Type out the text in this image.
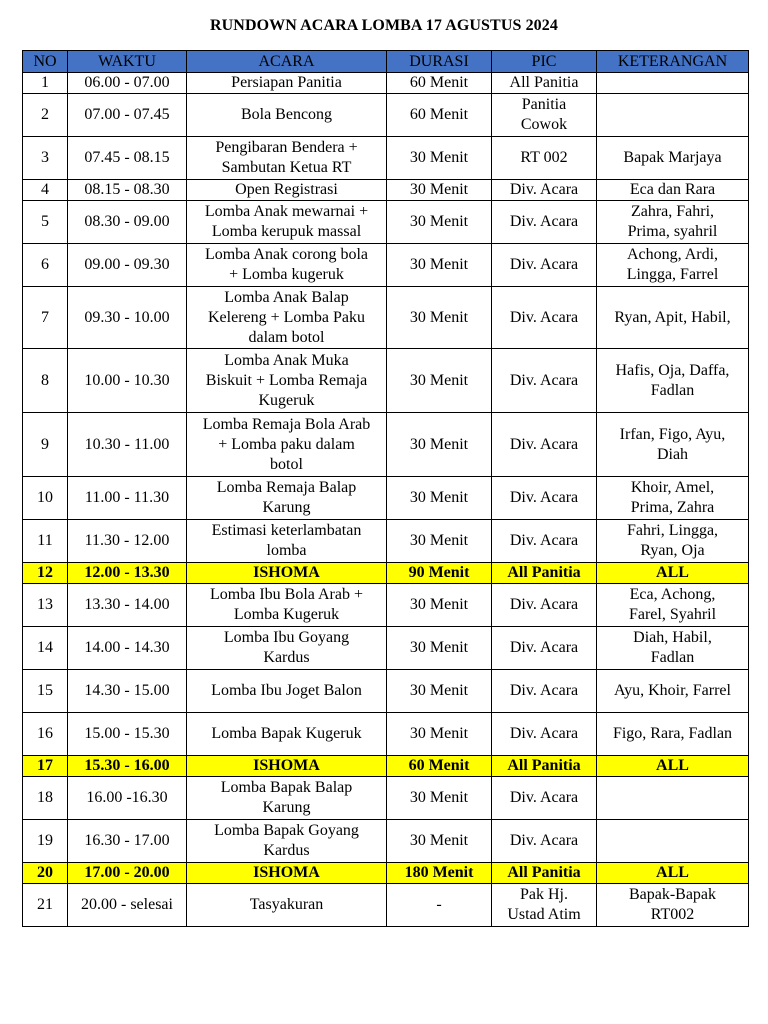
RUNDOWN ACARA LOMBA 17 AGUSTUS 2024
NO	WAKTU	ACARA	DURASI	PIC	KETERANGAN
1	06.00 - 07.00	Persiapan Panitia	60 Menit	All Panitia	
2	07.00 - 07.45	Bola Bencong	60 Menit	Panitia
Cowok	
3	07.45 - 08.15	Pengibaran Bendera +
Sambutan Ketua RT	30 Menit	RT 002	Bapak Marjaya
4	08.15 - 08.30	Open Registrasi	30 Menit	Div. Acara	Eca dan Rara
5	08.30 - 09.00	Lomba Anak mewarnai +
Lomba kerupuk massal	30 Menit	Div. Acara	Zahra, Fahri,
Prima, syahril
6	09.00 - 09.30	Lomba Anak corong bola
+ Lomba kugeruk	30 Menit	Div. Acara	Achong, Ardi,
Lingga, Farrel
7	09.30 - 10.00	Lomba Anak Balap
Kelereng + Lomba Paku
dalam botol	30 Menit	Div. Acara	Ryan, Apit, Habil,
8	10.00 - 10.30	Lomba Anak Muka
Biskuit + Lomba Remaja
Kugeruk	30 Menit	Div. Acara	Hafis, Oja, Daffa,
Fadlan
9	10.30 - 11.00	Lomba Remaja Bola Arab
+ Lomba paku dalam
botol	30 Menit	Div. Acara	Irfan, Figo, Ayu,
Diah
10	11.00 - 11.30	Lomba Remaja Balap
Karung	30 Menit	Div. Acara	Khoir, Amel,
Prima, Zahra
11	11.30 - 12.00	Estimasi keterlambatan
lomba	30 Menit	Div. Acara	Fahri, Lingga,
Ryan, Oja
12	12.00 - 13.30	ISHOMA	90 Menit	All Panitia	ALL
13	13.30 - 14.00	Lomba Ibu Bola Arab +
Lomba Kugeruk	30 Menit	Div. Acara	Eca, Achong,
Farel, Syahril
14	14.00 - 14.30	Lomba Ibu Goyang
Kardus	30 Menit	Div. Acara	Diah, Habil,
Fadlan
15	14.30 - 15.00	Lomba Ibu Joget Balon	30 Menit	Div. Acara	Ayu, Khoir, Farrel
16	15.00 - 15.30	Lomba Bapak Kugeruk	30 Menit	Div. Acara	Figo, Rara, Fadlan
17	15.30 - 16.00	ISHOMA	60 Menit	All Panitia	ALL
18	16.00 -16.30	Lomba Bapak Balap
Karung	30 Menit	Div. Acara	
19	16.30 - 17.00	Lomba Bapak Goyang
Kardus	30 Menit	Div. Acara	
20	17.00 - 20.00	ISHOMA	180 Menit	All Panitia	ALL
21	20.00 - selesai	Tasyakuran	-	Pak Hj.
Ustad Atim	Bapak-Bapak
RT002
